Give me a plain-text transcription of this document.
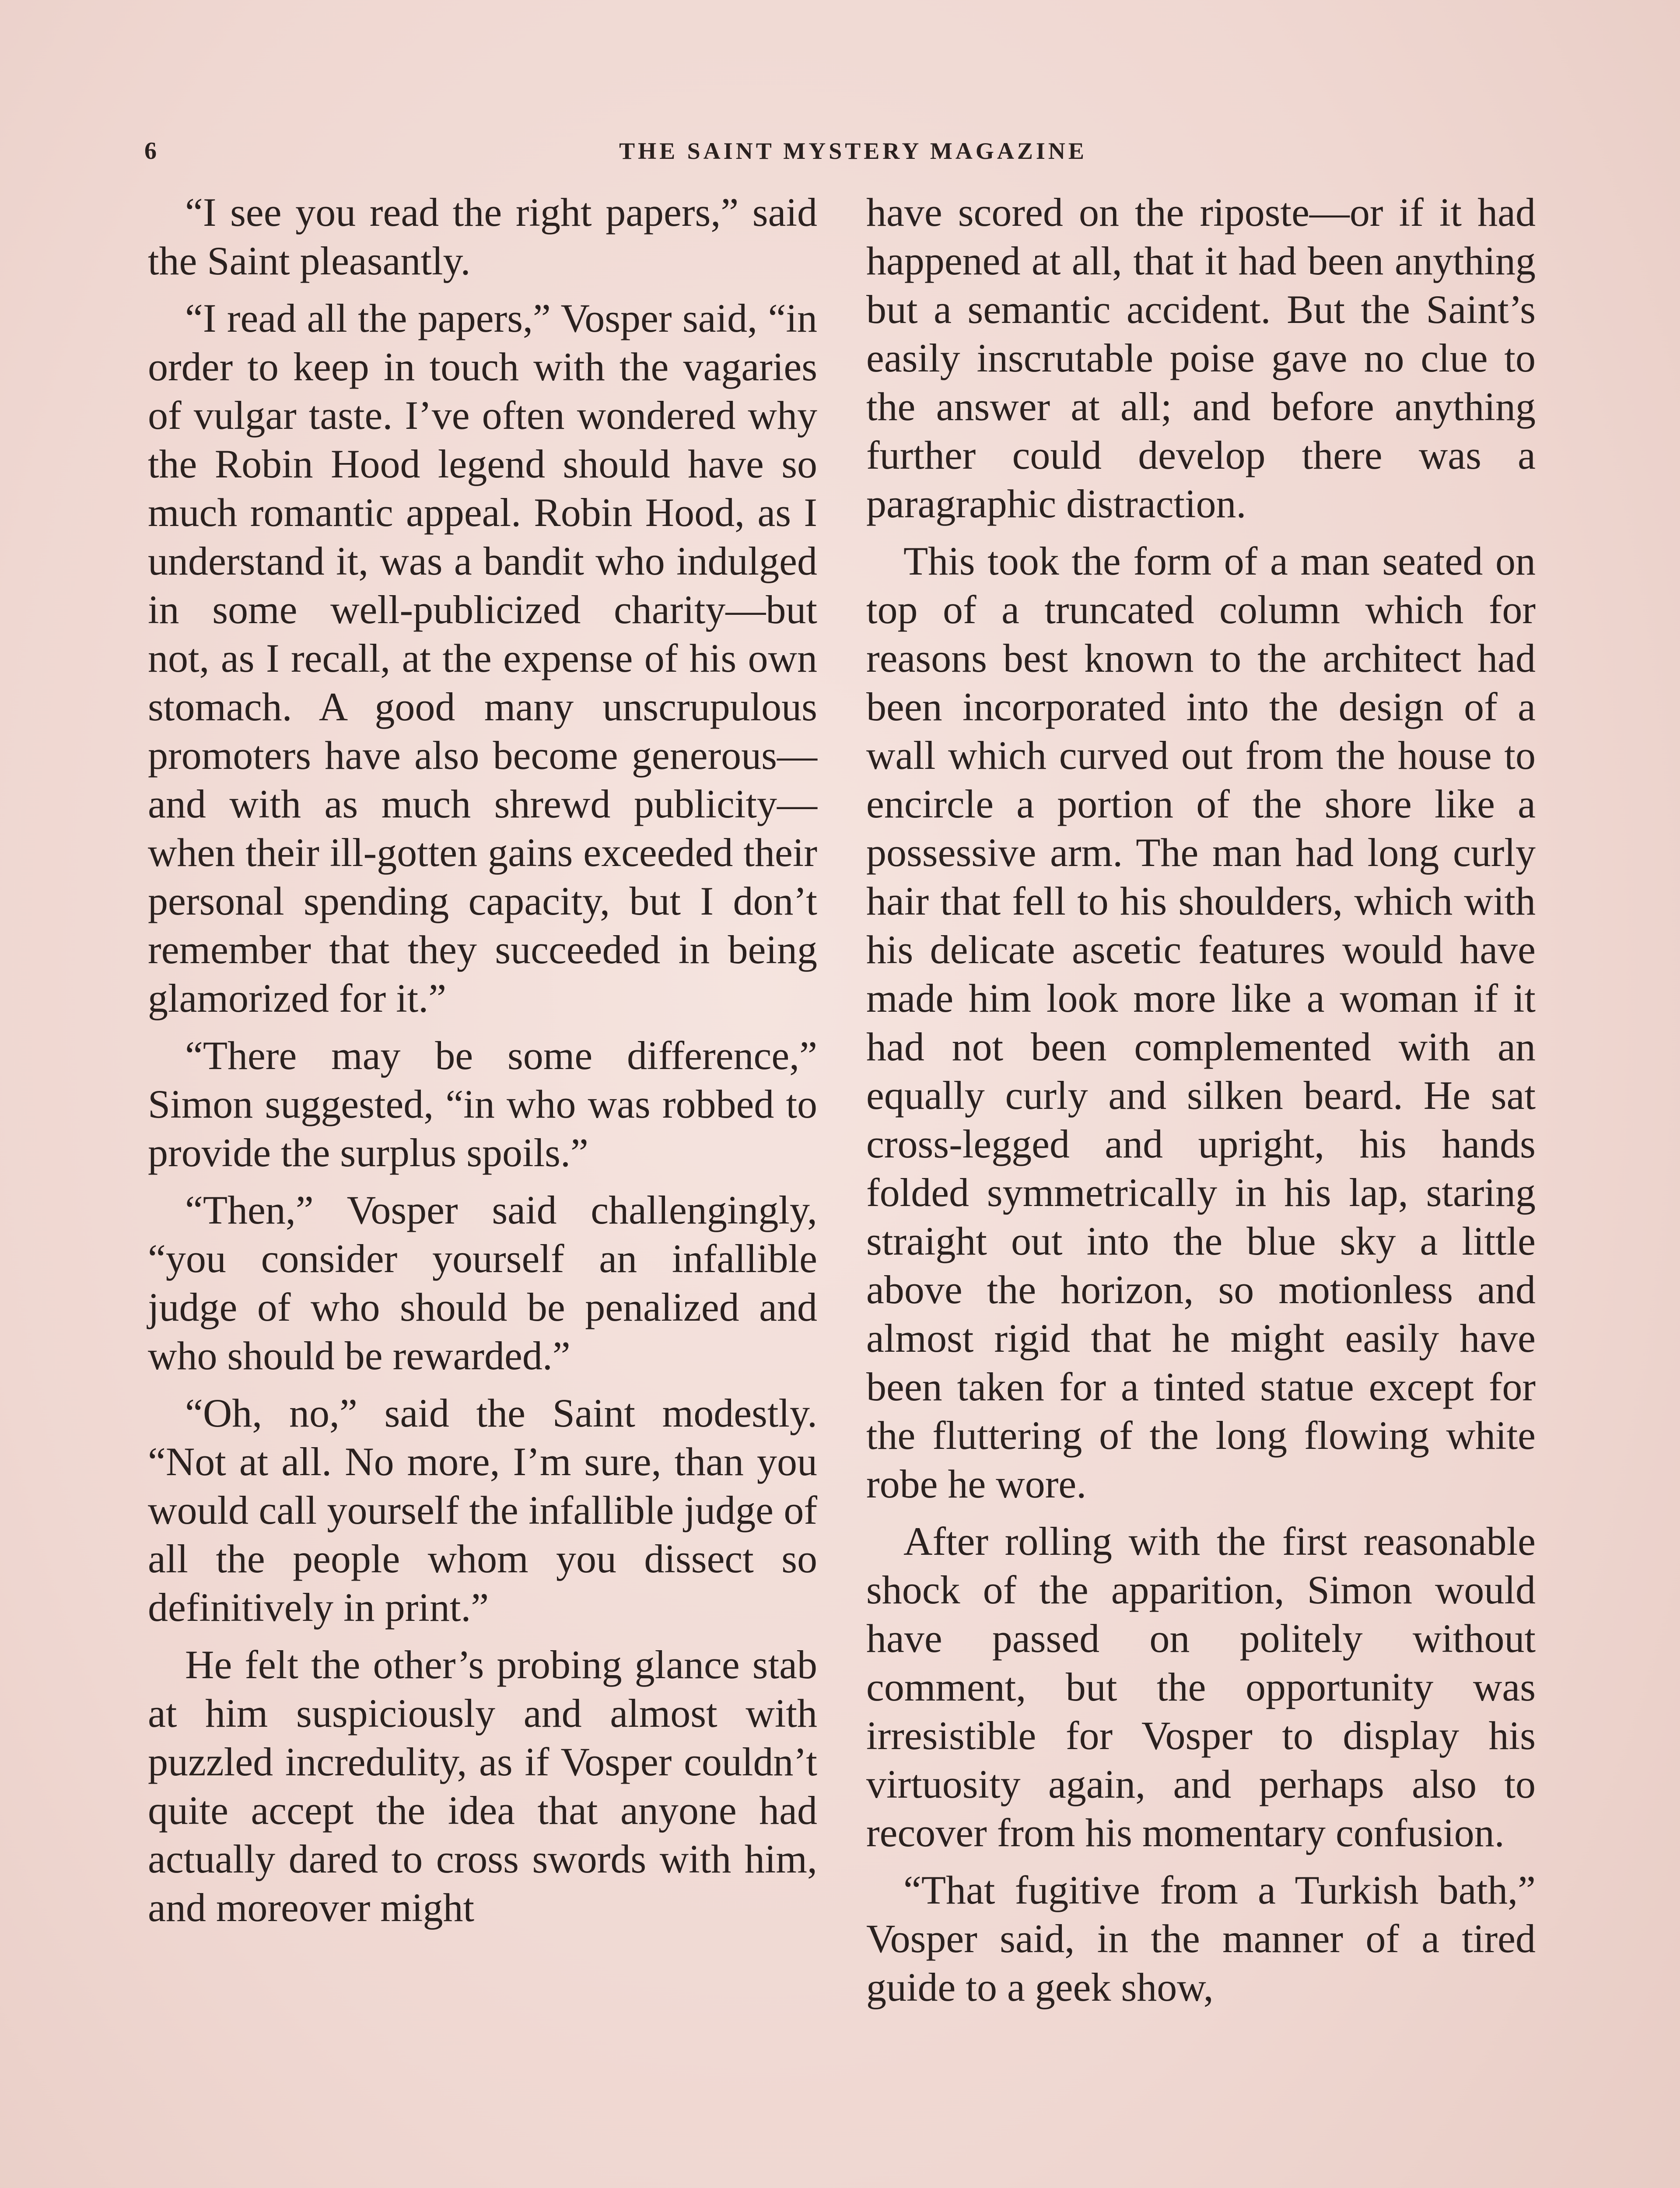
6	THE SAINT MYSTERY MAGAZINE

“I see you read the right papers,” said the Saint pleasantly.

“I read all the papers,” Vosper said, “in order to keep in touch with the vagaries of vulgar taste. I’ve often wondered why the Robin Hood legend should have so much romantic appeal. Robin Hood, as I understand it, was a bandit who indulged in some well-publicized charity—but not, as I recall, at the expense of his own stomach. A good many unscrupulous promoters have also become generous—and with as much shrewd publicity—when their ill-gotten gains exceeded their personal spending capacity, but I don’t remember that they succeeded in being glamorized for it.”

“There may be some difference,” Simon suggested, “in who was robbed to provide the surplus spoils.”

“Then,” Vosper said challengingly, “you consider yourself an infallible judge of who should be penalized and who should be rewarded.”

“Oh, no,” said the Saint modestly. “Not at all. No more, I’m sure, than you would call yourself the infallible judge of all the people whom you dissect so definitively in print.”

He felt the other’s probing glance stab at him suspiciously and almost with puzzled incredulity, as if Vosper couldn’t quite accept the idea that anyone had actually dared to cross swords with him, and moreover might

have scored on the riposte—or if it had happened at all, that it had been anything but a semantic accident. But the Saint’s easily inscrutable poise gave no clue to the answer at all; and before anything further could develop there was a paragraphic distraction.

This took the form of a man seated on top of a truncated column which for reasons best known to the architect had been incorporated into the design of a wall which curved out from the house to encircle a portion of the shore like a possessive arm. The man had long curly hair that fell to his shoulders, which with his delicate ascetic features would have made him look more like a woman if it had not been complemented with an equally curly and silken beard. He sat cross-legged and upright, his hands folded symmetrically in his lap, staring straight out into the blue sky a little above the horizon, so motionless and almost rigid that he might easily have been taken for a tinted statue except for the fluttering of the long flowing white robe he wore.

After rolling with the first reasonable shock of the apparition, Simon would have passed on politely without comment, but the opportunity was irresistible for Vosper to display his virtuosity again, and perhaps also to recover from his momentary confusion.

“That fugitive from a Turkish bath,” Vosper said, in the manner of a tired guide to a geek show,
